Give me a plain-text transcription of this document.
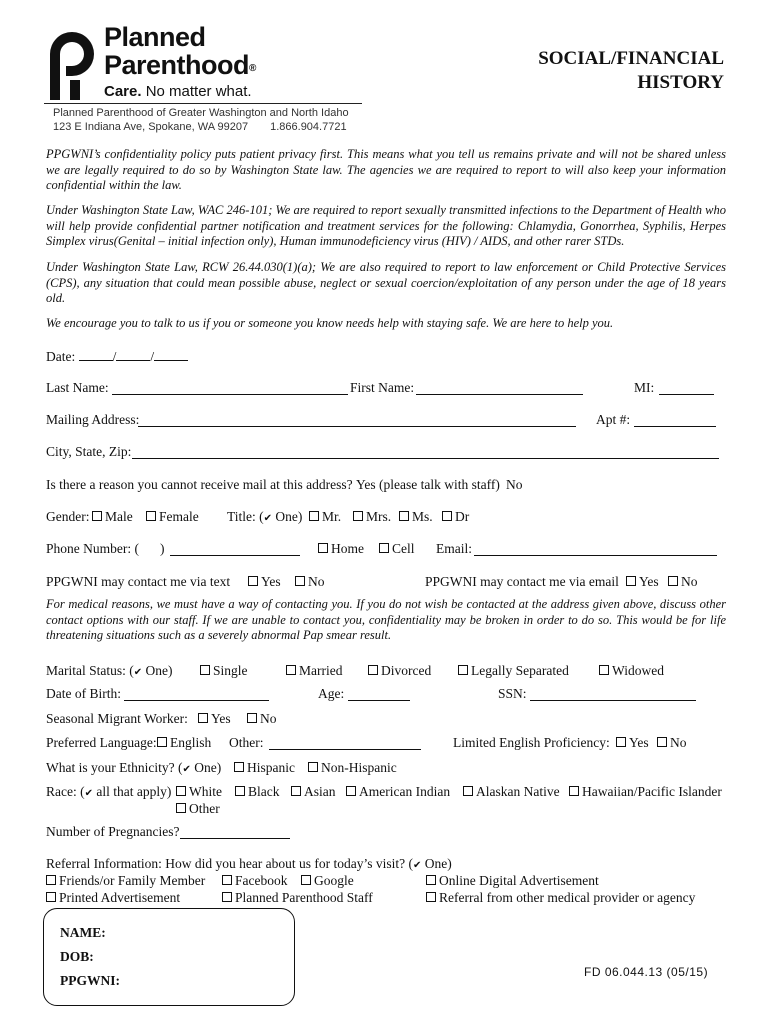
Planned
Parenthood®
Care. No matter what.
Planned Parenthood of Greater Washington and North Idaho
123 E Indiana Ave, Spokane, WA 99207 1.866.904.7721
SOCIAL/FINANCIAL
HISTORY
PPGWNI’s confidentiality policy puts patient privacy first. This means what you tell us remains private and will not be shared unless we are legally required to do so by Washington State law. The agencies we are required to report to will also keep your information confidential within the law.
Under Washington State Law, WAC 246-101; We are required to report sexually transmitted infections to the Department of Health who will help provide confidential partner notification and treatment services for the following: Chlamydia, Gonorrhea, Syphilis, Herpes Simplex virus(Genital – initial infection only), Human immunodeficiency virus (HIV) / AIDS, and other rarer STDs.
Under Washington State Law, RCW 26.44.030(1)(a); We are also required to report to law enforcement or Child Protective Services (CPS), any situation that could mean possible abuse, neglect or sexual coercion/exploitation of any person under the age of 18 years old.
We encourage you to talk to us if you or someone you know needs help with staying safe. We are here to help you.
Date:	/	/
Last Name:	First Name:	MI:
Mailing Address:	Apt #:
City, State, Zip:
Is there a reason you cannot receive mail at this address? Yes (please talk with staff) No
Gender:	Male	Female Title: (✔ One)	Mr.	Mrs.	Ms.	Dr
Phone Number: ( )	Home	Cell Email:
PPGWNI may contact me via text	Yes	No	PPGWNI may contact me via email	Yes	No
For medical reasons, we must have a way of contacting you. If you do not wish be contacted at the address given above, discuss other contact options with our staff. If we are unable to contact you, confidentiality may be broken in order to do so. This would be for life threatening situations such as a severely abnormal Pap smear result.
Marital Status: (✔ One)	Single	Married	Divorced	Legally Separated	Widowed
Date of Birth:	Age:	SSN:
Seasonal Migrant Worker:	Yes	No
Preferred Language: English Other:	Limited English Proficiency:	Yes	No
What is your Ethnicity? (✔ One)	Hispanic	Non-Hispanic
Race: (✔ all that apply)	White	Black	Asian	American Indian	Alaskan Native	Hawaiian/Pacific Islander
Other
Number of Pregnancies?
Referral Information: How did you hear about us for today’s visit? (✔ One)
Friends/or Family Member	Facebook	Google	Online Digital Advertisement
Printed Advertisement	Planned Parenthood Staff	Referral from other medical provider or agency
NAME:
DOB:
PPGWNI:
FD 06.044.13 (05/15)
